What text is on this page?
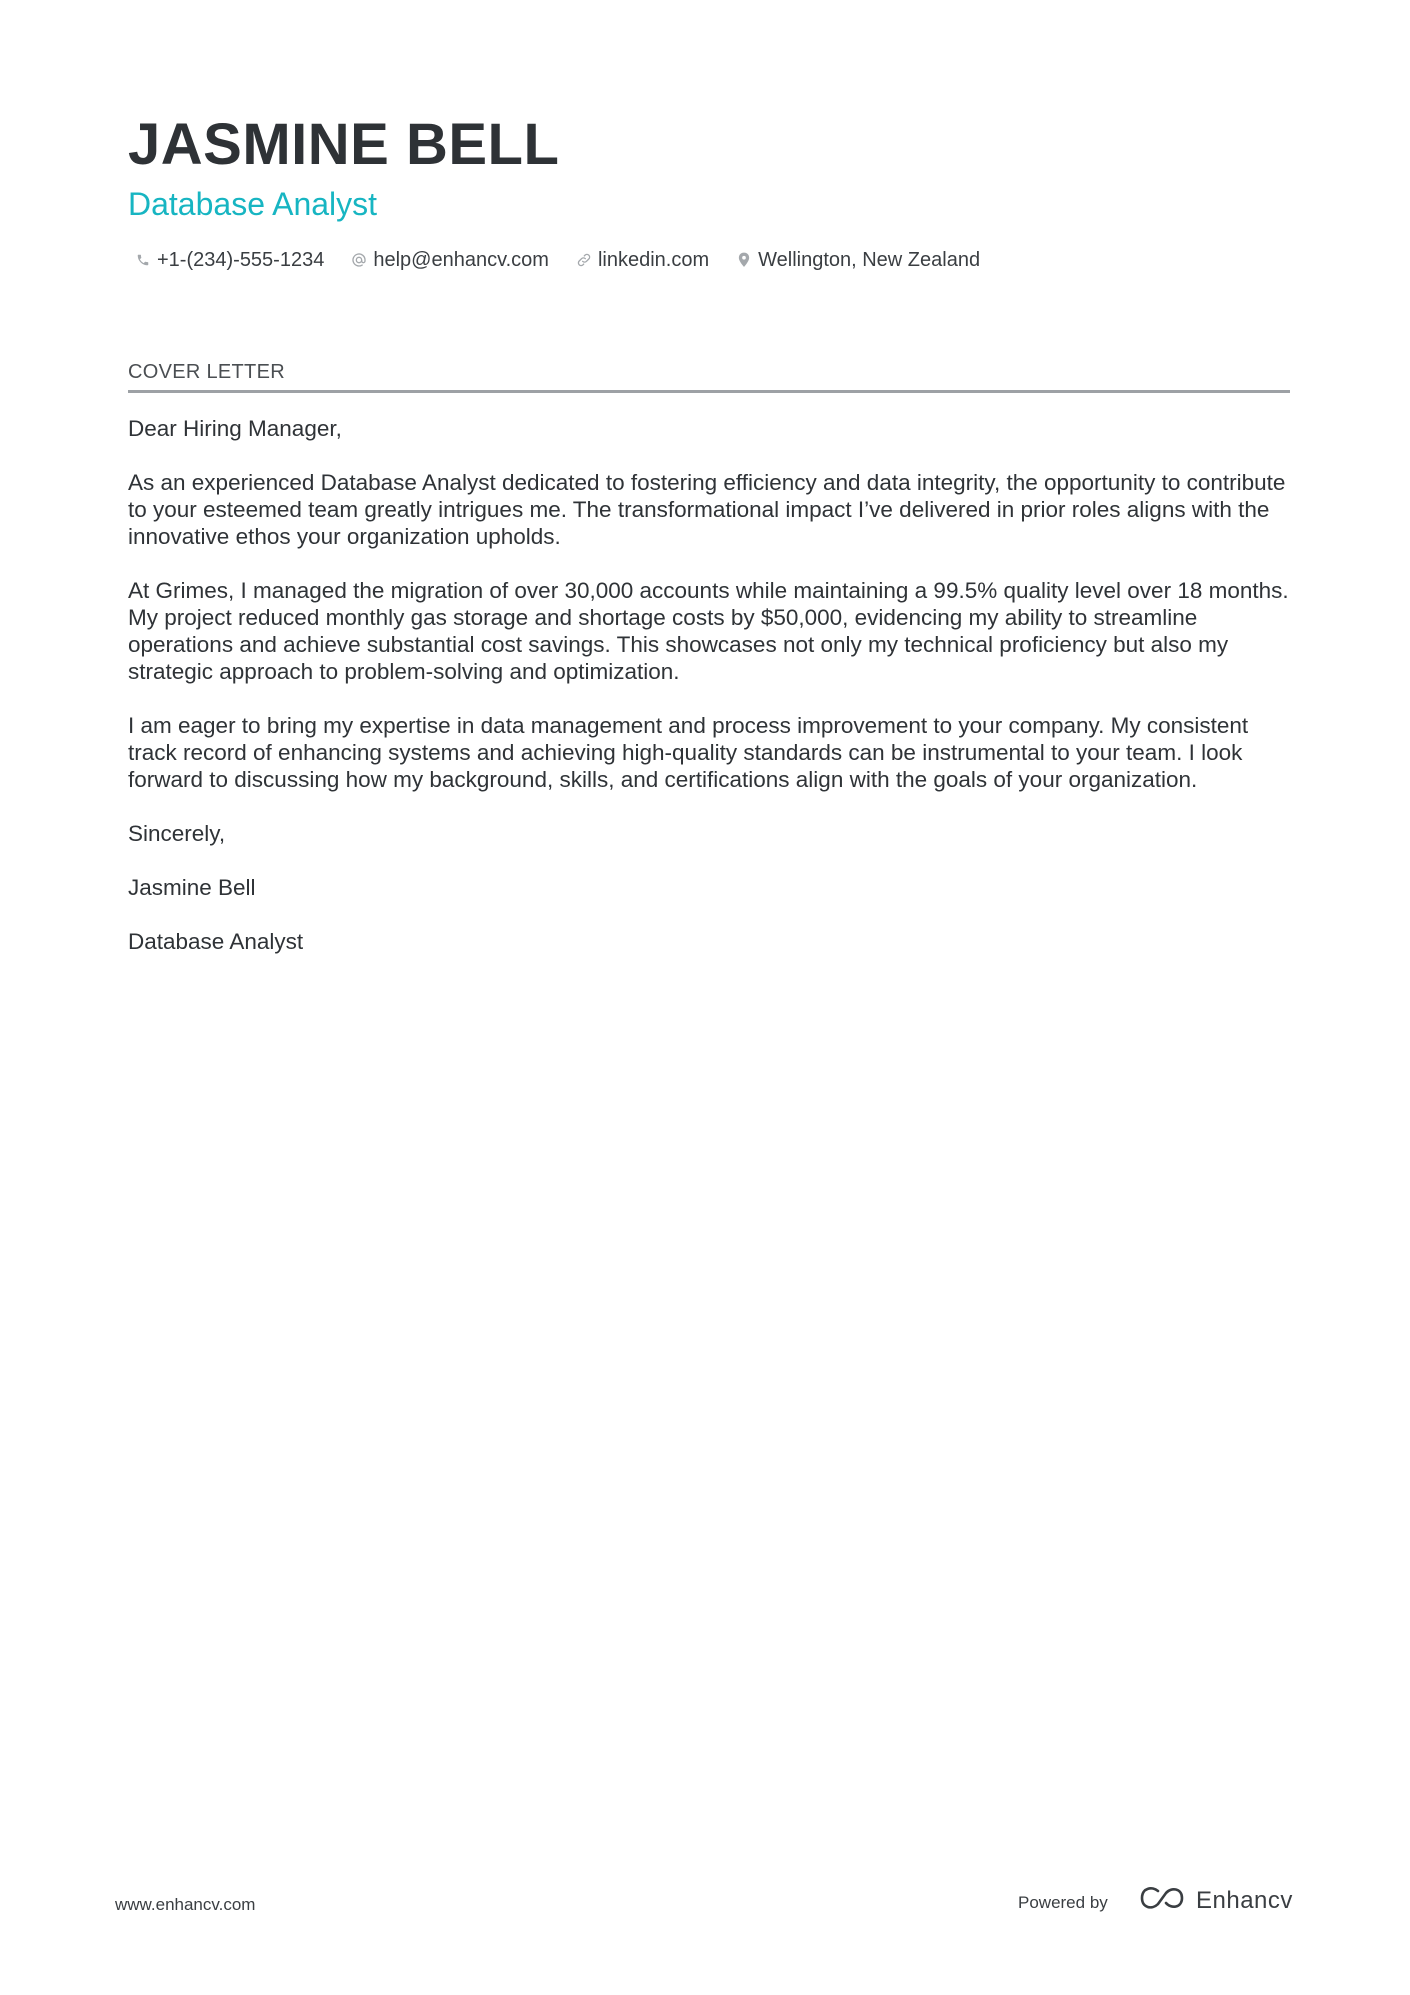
JASMINE BELL
Database Analyst
+1-(234)-555-1234 help@enhancv.com linkedin.com Wellington, New Zealand
COVER LETTER

Dear Hiring Manager,

As an experienced Database Analyst dedicated to fostering efficiency and data integrity, the opportunity to contribute to your esteemed team greatly intrigues me. The transformational impact I’ve delivered in prior roles aligns with the innovative ethos your organization upholds.

At Grimes, I managed the migration of over 30,000 accounts while maintaining a 99.5% quality level over 18 months. My project reduced monthly gas storage and shortage costs by $50,000, evidencing my ability to streamline operations and achieve substantial cost savings. This showcases not only my technical proficiency but also my strategic approach to problem-solving and optimization.

I am eager to bring my expertise in data management and process improvement to your company. My consistent track record of enhancing systems and achieving high-quality standards can be instrumental to your team. I look forward to discussing how my background, skills, and certifications align with the goals of your organization.

Sincerely,

Jasmine Bell

Database Analyst

www.enhancv.com	Powered by	Enhancv
